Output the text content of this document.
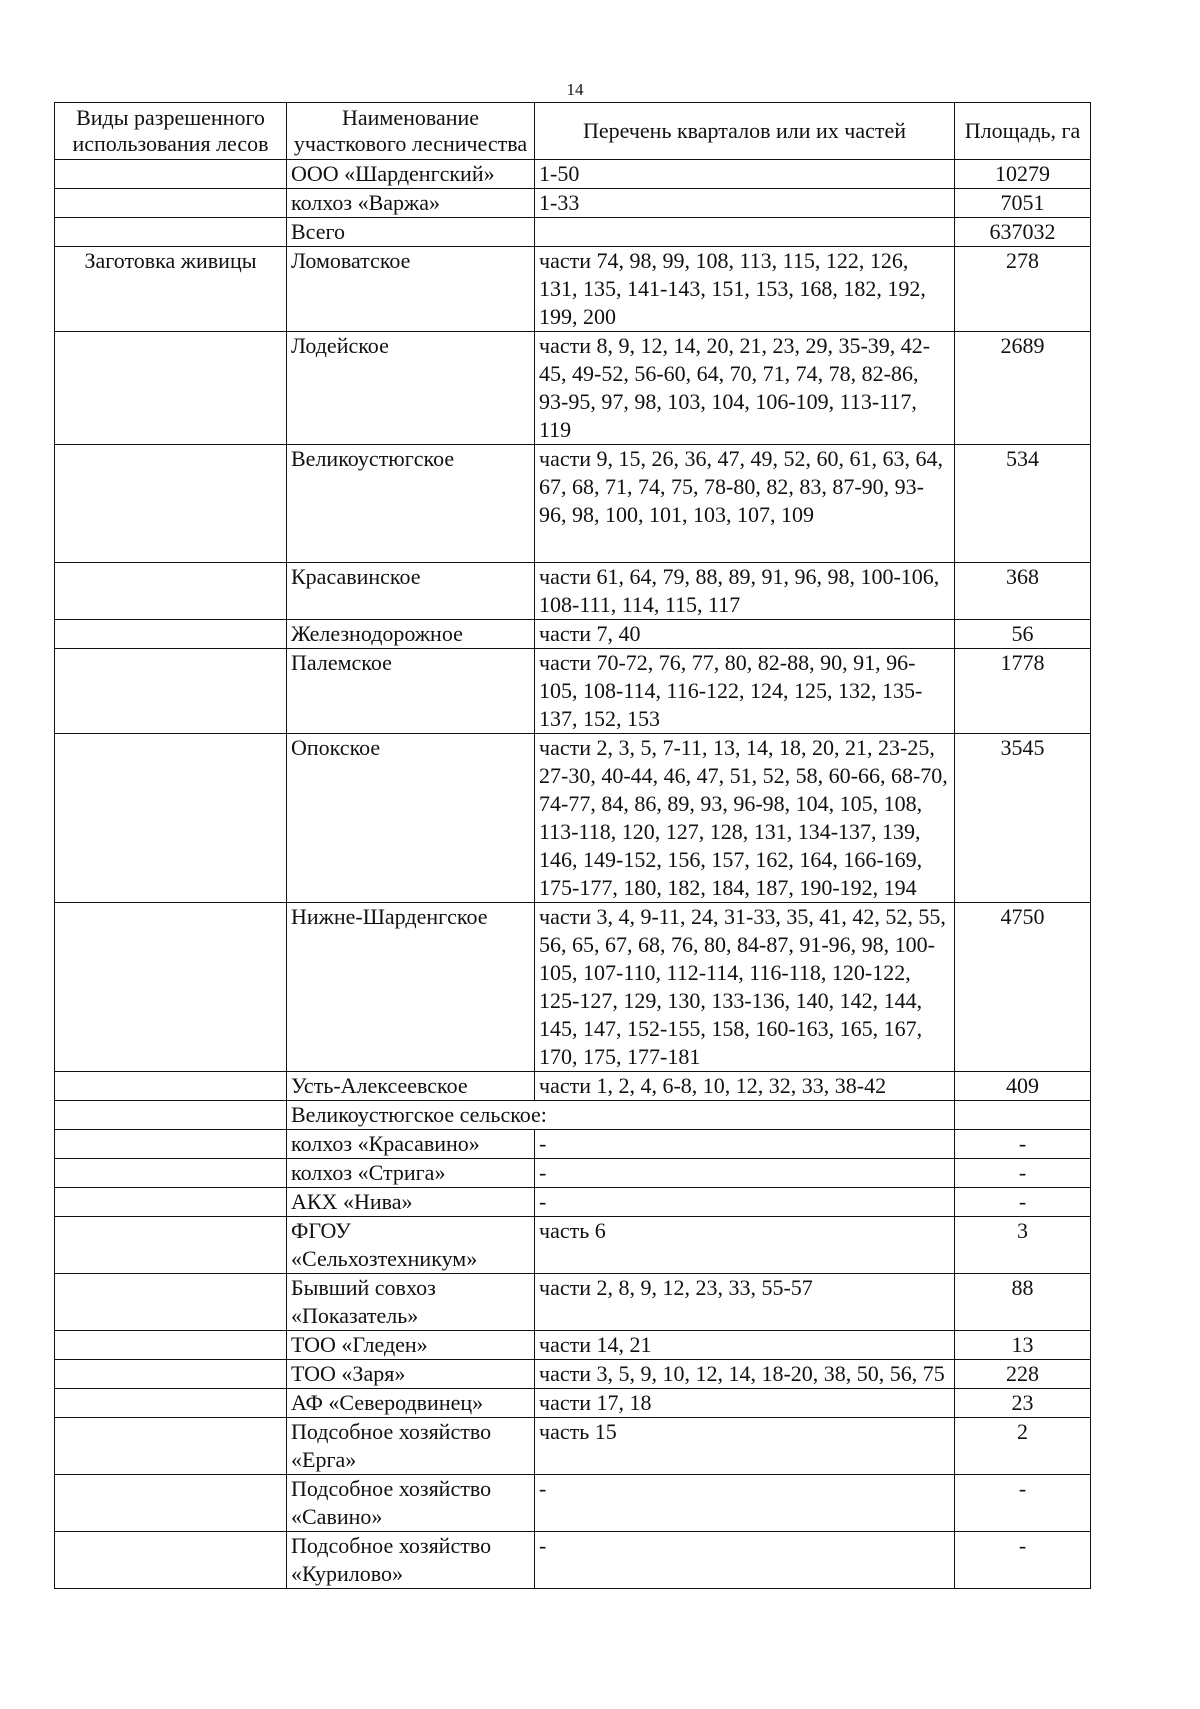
14
Виды разрешенного использования лесов	Наименование участкового лесничества	Перечень кварталов или их частей	Площадь, га
	ООО «Шарденгский»	1-50	10279
	колхоз «Варжа»	1-33	7051
	Всего		637032
Заготовка живицы	Ломоватское	части 74, 98, 99, 108, 113, 115, 122, 126, 131, 135, 141-143, 151, 153, 168, 182, 192, 199, 200	278
	Лодейское	части 8, 9, 12, 14, 20, 21, 23, 29, 35-39, 42-45, 49-52, 56-60, 64, 70, 71, 74, 78, 82-86, 93-95, 97, 98, 103, 104, 106-109, 113-117, 119	2689
	Великоустюгское	части 9, 15, 26, 36, 47, 49, 52, 60, 61, 63, 64, 67, 68, 71, 74, 75, 78-80, 82, 83, 87-90, 93-96, 98, 100, 101, 103, 107, 109	534
	Красавинское	части 61, 64, 79, 88, 89, 91, 96, 98, 100-106, 108-111, 114, 115, 117	368
	Железнодорожное	части 7, 40	56
	Палемское	части 70-72, 76, 77, 80, 82-88, 90, 91, 96-105, 108-114, 116-122, 124, 125, 132, 135-137, 152, 153	1778
	Опокское	части 2, 3, 5, 7-11, 13, 14, 18, 20, 21, 23-25, 27-30, 40-44, 46, 47, 51, 52, 58, 60-66, 68-70, 74-77, 84, 86, 89, 93, 96-98, 104, 105, 108, 113-118, 120, 127, 128, 131, 134-137, 139, 146, 149-152, 156, 157, 162, 164, 166-169, 175-177, 180, 182, 184, 187, 190-192, 194	3545
	Нижне-Шарденгское	части 3, 4, 9-11, 24, 31-33, 35, 41, 42, 52, 55, 56, 65, 67, 68, 76, 80, 84-87, 91-96, 98, 100-105, 107-110, 112-114, 116-118, 120-122, 125-127, 129, 130, 133-136, 140, 142, 144, 145, 147, 152-155, 158, 160-163, 165, 167, 170, 175, 177-181	4750
	Усть-Алексеевское	части 1, 2, 4, 6-8, 10, 12, 32, 33, 38-42	409
	Великоустюгское сельское:		
	колхоз «Красавино»	-	-
	колхоз «Стрига»	-	-
	АКХ «Нива»	-	-
	ФГОУ «Сельхозтехникум»	часть 6	3
	Бывший совхоз «Показатель»	части 2, 8, 9, 12, 23, 33, 55-57	88
	ТОО «Гледен»	части 14, 21	13
	ТОО «Заря»	части 3, 5, 9, 10, 12, 14, 18-20, 38, 50, 56, 75	228
	АФ «Северодвинец»	части 17, 18	23
	Подсобное хозяйство «Ерга»	часть 15	2
	Подсобное хозяйство «Савино»	-	-
	Подсобное хозяйство «Курилово»	-	-
